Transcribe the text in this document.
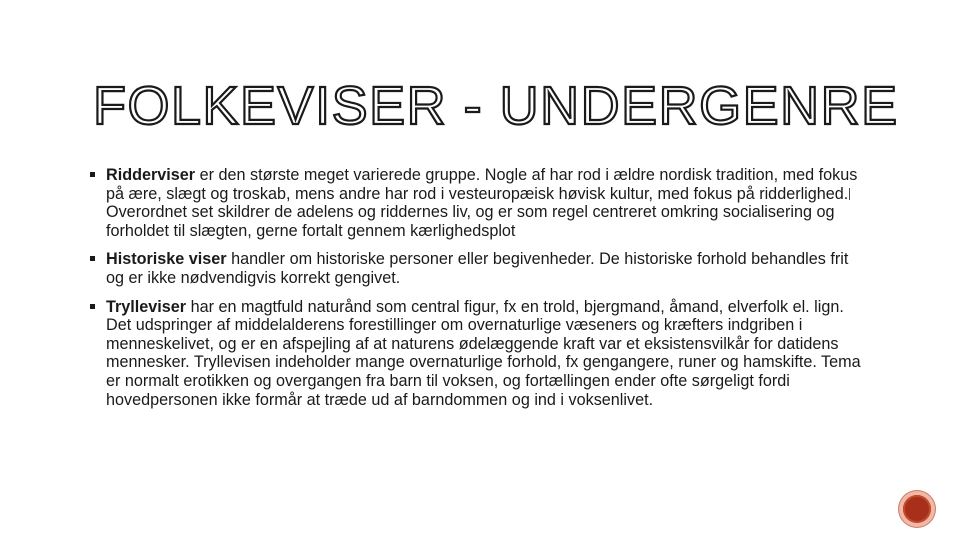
FOLKEVISER - UNDERGENRE
Ridderviser er den største meget varierede gruppe. Nogle af har rod i ældre nordisk tradition, med fokus på ære, slægt og troskab, mens andre har rod i vesteuropæisk høvisk kultur, med fokus på ridderlighed. Overordnet set skildrer de adelens og riddernes liv, og er som regel centreret omkring socialisering og forholdet til slægten, gerne fortalt gennem kærlighedsplot
Historiske viser handler om historiske personer eller begivenheder. De historiske forhold behandles frit og er ikke nødvendigvis korrekt gengivet.
Trylleviser har en magtfuld naturånd som central figur, fx en trold, bjergmand, åmand, elverfolk el. lign. Det udspringer af middelalderens forestillinger om overnaturlige væseners og kræfters indgriben i menneskelivet, og er en afspejling af at naturens ødelæggende kraft var et eksistensvilkår for datidens mennesker. Tryllevisen indeholder mange overnaturlige forhold, fx gengangere, runer og hamskifte. Tema er normalt erotikken og overgangen fra barn til voksen, og fortællingen ender ofte sørgeligt fordi hovedpersonen ikke formår at træde ud af barndommen og ind i voksenlivet.
